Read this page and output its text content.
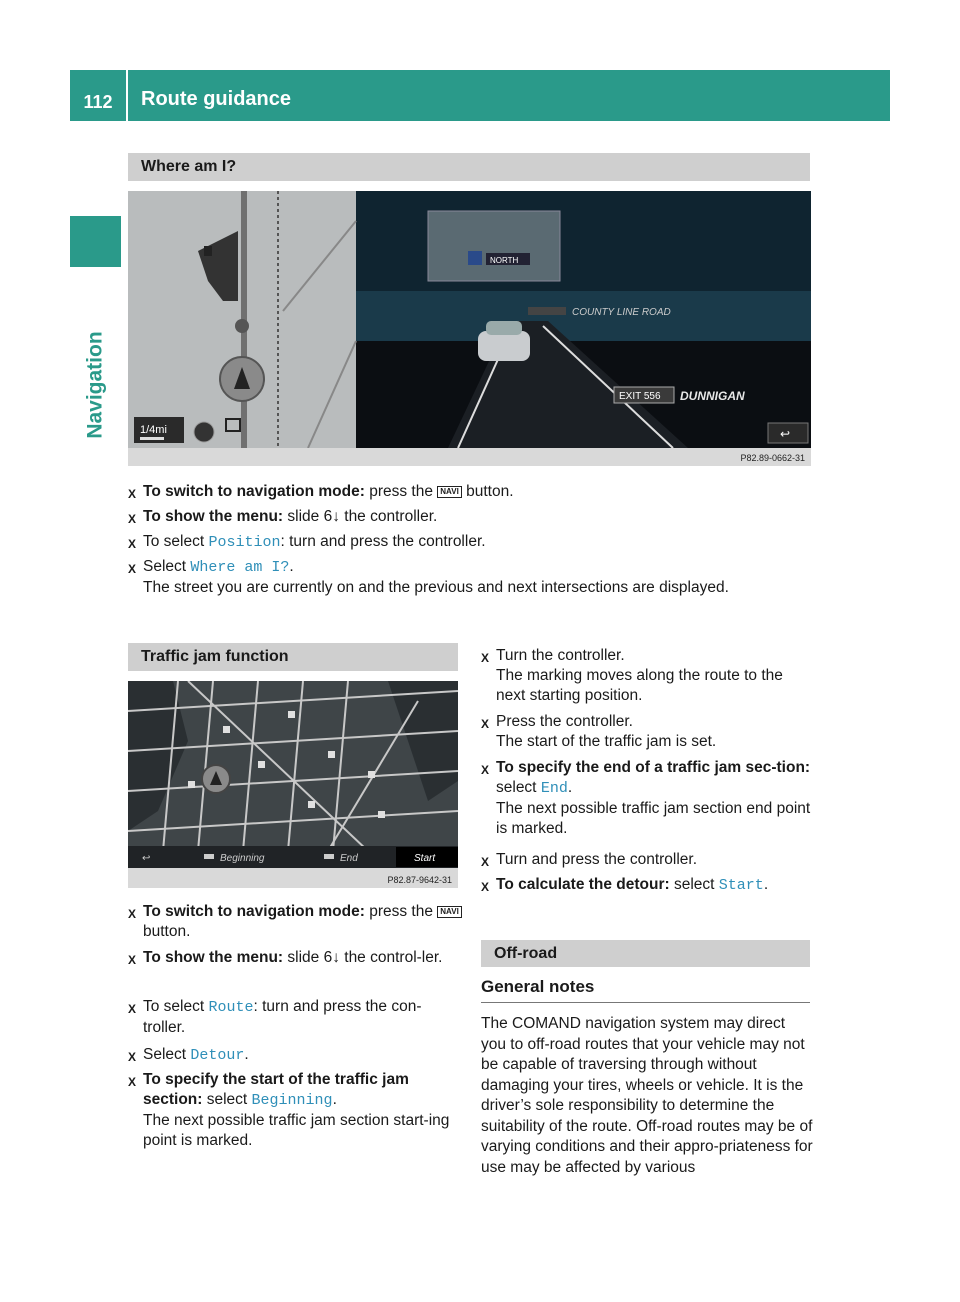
112	Route guidance
Navigation
Where am I?
1/4mi
NORTH
COUNTY LINE ROAD
EXIT 556 DUNNIGAN
↩
P82.89-0662-31
X To switch to navigation mode: press the NAVI button.
X To show the menu: slide 6↓ the controller.
X To select Position: turn and press the controller.
X Select Where am I?.
The street you are currently on and the previous and next intersections are displayed.
Traffic jam function
↩	Beginning	End	Start
P82.87-9642-31
X To switch to navigation mode: press the NAVI button.
X To show the menu: slide 6↓ the control-ler.
X To select Route: turn and press the con-troller.
X Select Detour.
X To specify the start of the traffic jam section: select Beginning.
The next possible traffic jam section start-ing point is marked.
X Turn the controller.
The marking moves along the route to the next starting position.
X Press the controller.
The start of the traffic jam is set.
X To specify the end of a traffic jam sec-tion: select End.
The next possible traffic jam section end point is marked.
X Turn and press the controller.
X To calculate the detour: select Start.
Off-road
General notes
The COMAND navigation system may direct you to off-road routes that your vehicle may not be capable of traversing through without damaging your tires, wheels or vehicle. It is the driver’s sole responsibility to determine the suitability of the route. Off-road routes may be of varying conditions and their appro-priateness for use may be affected by various
